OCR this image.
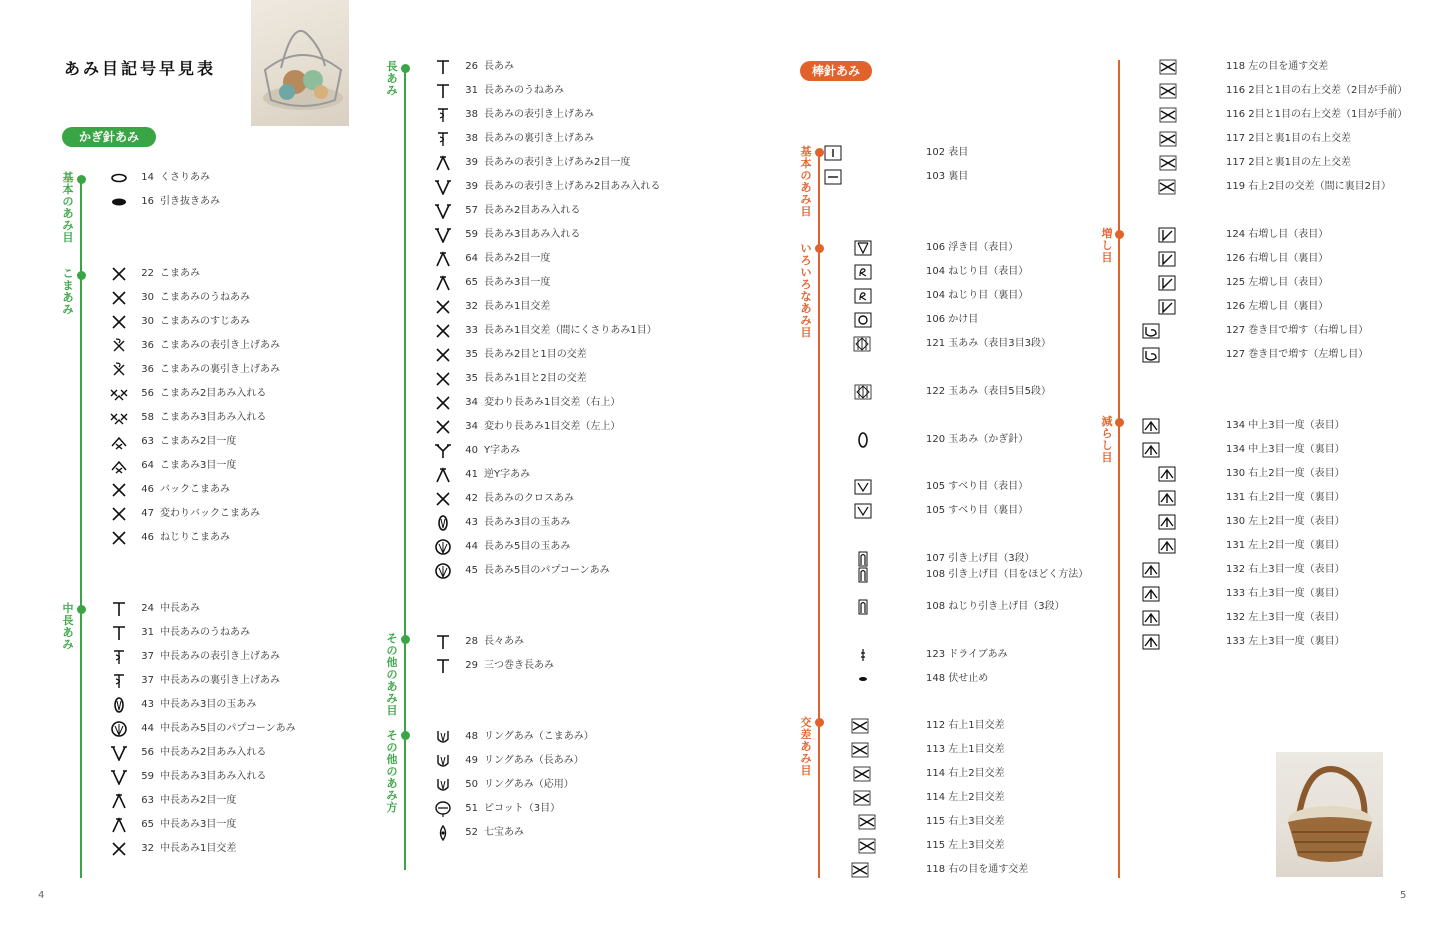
あみ目記号早見表
かぎ針あみ
棒針あみ
基本のあみ目
こまあみ
中長あみ
長あみ
その他のあみ目
その他のあみ方
基本のあみ目
いろいろなあみ目
交差あみ目
増し目
減らし目
14 くさりあみ
16 引き抜きあみ
22 こまあみ
30 こまあみのうねあみ
30 こまあみのすじあみ
36 こまあみの表引き上げあみ
36 こまあみの裏引き上げあみ
56 こまあみ2目あみ入れる
58 こまあみ3目あみ入れる
63 こまあみ2目一度
64 こまあみ3目一度
46 バックこまあみ
47 変わりバックこまあみ
46 ねじりこまあみ
24 中長あみ
31 中長あみのうねあみ
37 中長あみの表引き上げあみ
37 中長あみの裏引き上げあみ
43 中長あみ3目の玉あみ
44 中長あみ5目のパプコーンあみ
56 中長あみ2目あみ入れる
59 中長あみ3目あみ入れる
63 中長あみ2目一度
65 中長あみ3目一度
32 中長あみ1目交差
26 長あみ
31 長あみのうねあみ
38 長あみの表引き上げあみ
38 長あみの裏引き上げあみ
39 長あみの表引き上げあみ2目一度
39 長あみの表引き上げあみ2目あみ入れる
57 長あみ2目あみ入れる
59 長あみ3目あみ入れる
64 長あみ2目一度
65 長あみ3目一度
32 長あみ1目交差
33 長あみ1目交差（間にくさりあみ1目）
35 長あみ2目と1目の交差
35 長あみ1目と2目の交差
34 変わり長あみ1目交差（右上）
34 変わり長あみ1目交差（左上）
40 Y字あみ
41 逆Y字あみ
42 長あみのクロスあみ
43 長あみ3目の玉あみ
44 長あみ5目の玉あみ
45 長あみ5目のパプコーンあみ
28 長々あみ
29 三つ巻き長あみ
48 リングあみ（こまあみ）
49 リングあみ（長あみ）
50 リングあみ（応用）
51 ピコット（3目）
52 七宝あみ
102 表目
103 裏目
106 浮き目（表目）
104 ねじり目（表目）
104 ねじり目（裏目）
106 かけ目
121 玉あみ（表目3目3段）
122 玉あみ（表目5目5段）
120 玉あみ（かぎ針）
105 すべり目（表目）
105 すべり目（裏目）
107 引き上げ目（3段）
108 引き上げ目（目をほどく方法）
108 ねじり引き上げ目（3段）
123 ドライブあみ
148 伏せ止め
112 右上1目交差
113 左上1目交差
114 右上2目交差
114 左上2目交差
115 右上3目交差
115 左上3目交差
118 右の目を通す交差
118 左の目を通す交差
116 2目と1目の右上交差（2目が手前）
116 2目と1目の右上交差（1目が手前）
117 2目と裏1目の右上交差
117 2目と裏1目の左上交差
119 右上2目の交差（間に裏目2目）
124 右増し目（表目）
126 右増し目（裏目）
125 左増し目（表目）
126 左増し目（裏目）
127 巻き目で増す（右増し目）
127 巻き目で増す（左増し目）
134 中上3目一度（表目）
134 中上3目一度（裏目）
130 右上2目一度（表目）
131 右上2目一度（裏目）
130 左上2目一度（表目）
131 左上2目一度（裏目）
132 右上3目一度（表目）
133 右上3目一度（裏目）
132 左上3目一度（表目）
133 左上3目一度（裏目）
4	5
